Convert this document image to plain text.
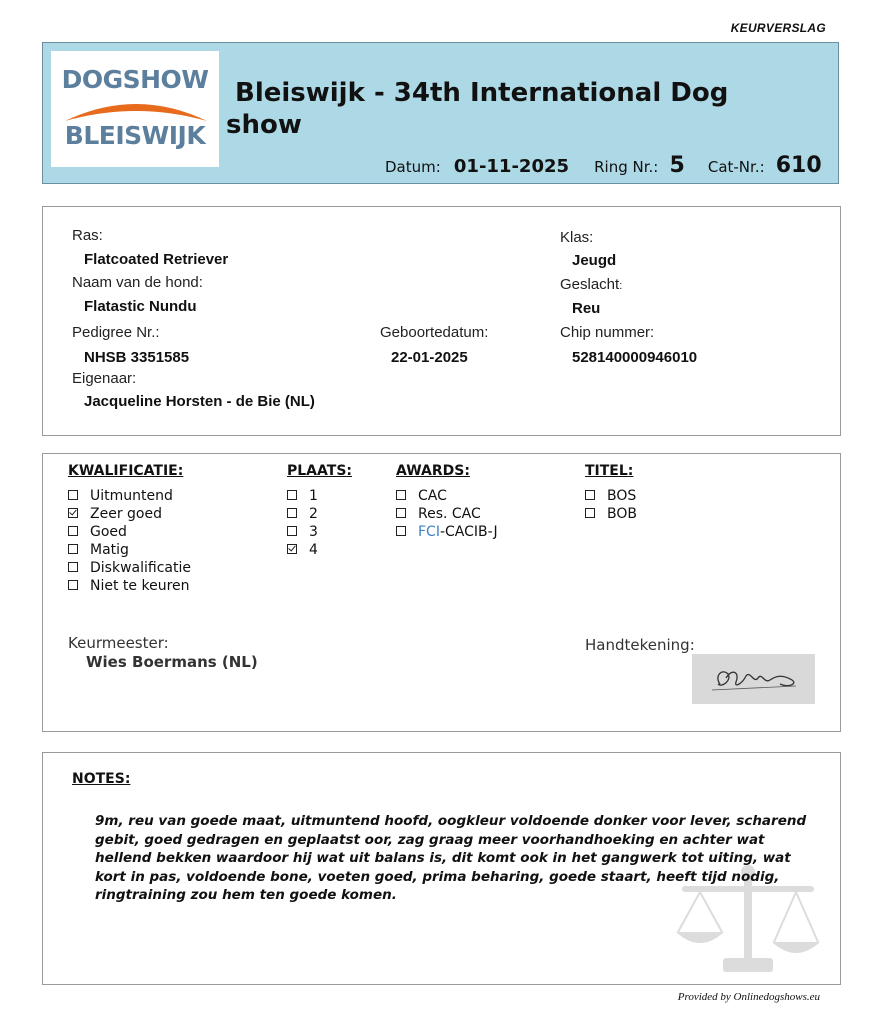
KEURVERSLAG
DOGSHOW
BLEISWIJK
Bleiswijk - 34th International Dog
show
Datum: 01-11-2025 Ring Nr.: 5 Cat-Nr.: 610
Ras:
Flatcoated Retriever
Naam van de hond:
Flatastic Nundu
Pedigree Nr.:
NHSB 3351585
Geboortedatum:
22-01-2025
Eigenaar:
Jacqueline Horsten - de Bie (NL)
Klas:
Jeugd
Geslacht:
Reu
Chip nummer:
528140000946010
KWALIFICATIE:
Uitmuntend
Zeer goed
Goed
Matig
Diskwalificatie
Niet te keuren
PLAATS:
1
2
3
4
AWARDS:
CAC
Res. CAC
FCI-CACIB-J
TITEL:
BOS
BOB
Keurmeester:
Wies Boermans (NL)
Handtekening:
NOTES:
9m, reu van goede maat, uitmuntend hoofd, oogkleur voldoende donker voor lever, scharend gebit, goed gedragen en geplaatst oor, zag graag meer voorhandhoeking en achter wat hellend bekken waardoor hij wat uit balans is, dit komt ook in het gangwerk tot uiting, wat kort in pas, voldoende bone, voeten goed, prima beharing, goede staart, heeft tijd nodig, ringtraining zou hem ten goede komen.
Provided by Onlinedogshows.eu
